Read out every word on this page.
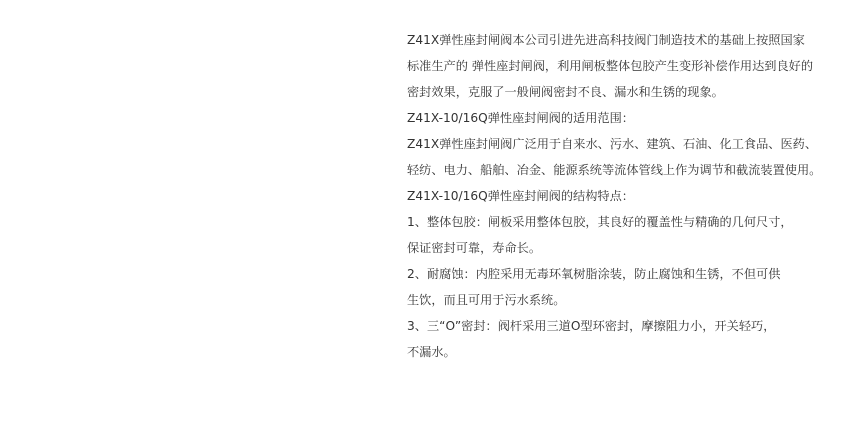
Z41X弹性座封闸阀本公司引进先进高科技阀门制造技术的基础上按照国家
标准生产的 弹性座封闸阀，利用闸板整体包胶产生变形补偿作用达到良好的
密封效果，克服了一般闸阀密封不良、漏水和生锈的现象。
Z41X-10/16Q弹性座封闸阀的适用范围：
Z41X弹性座封闸阀广泛用于自来水、污水、建筑、石油、化工食品、医药、
轻纺、电力、船舶、冶金、能源系统等流体管线上作为调节和截流装置使用。
Z41X-10/16Q弹性座封闸阀的结构特点：
1、整体包胶：闸板采用整体包胶，其良好的覆盖性与精确的几何尺寸，
保证密封可靠，寿命长。
2、耐腐蚀：内腔采用无毒环氧树脂涂装，防止腐蚀和生锈，不但可供
生饮，而且可用于污水系统。
3、三“O”密封：阀杆采用三道O型环密封，摩擦阻力小，开关轻巧，
不漏水。
